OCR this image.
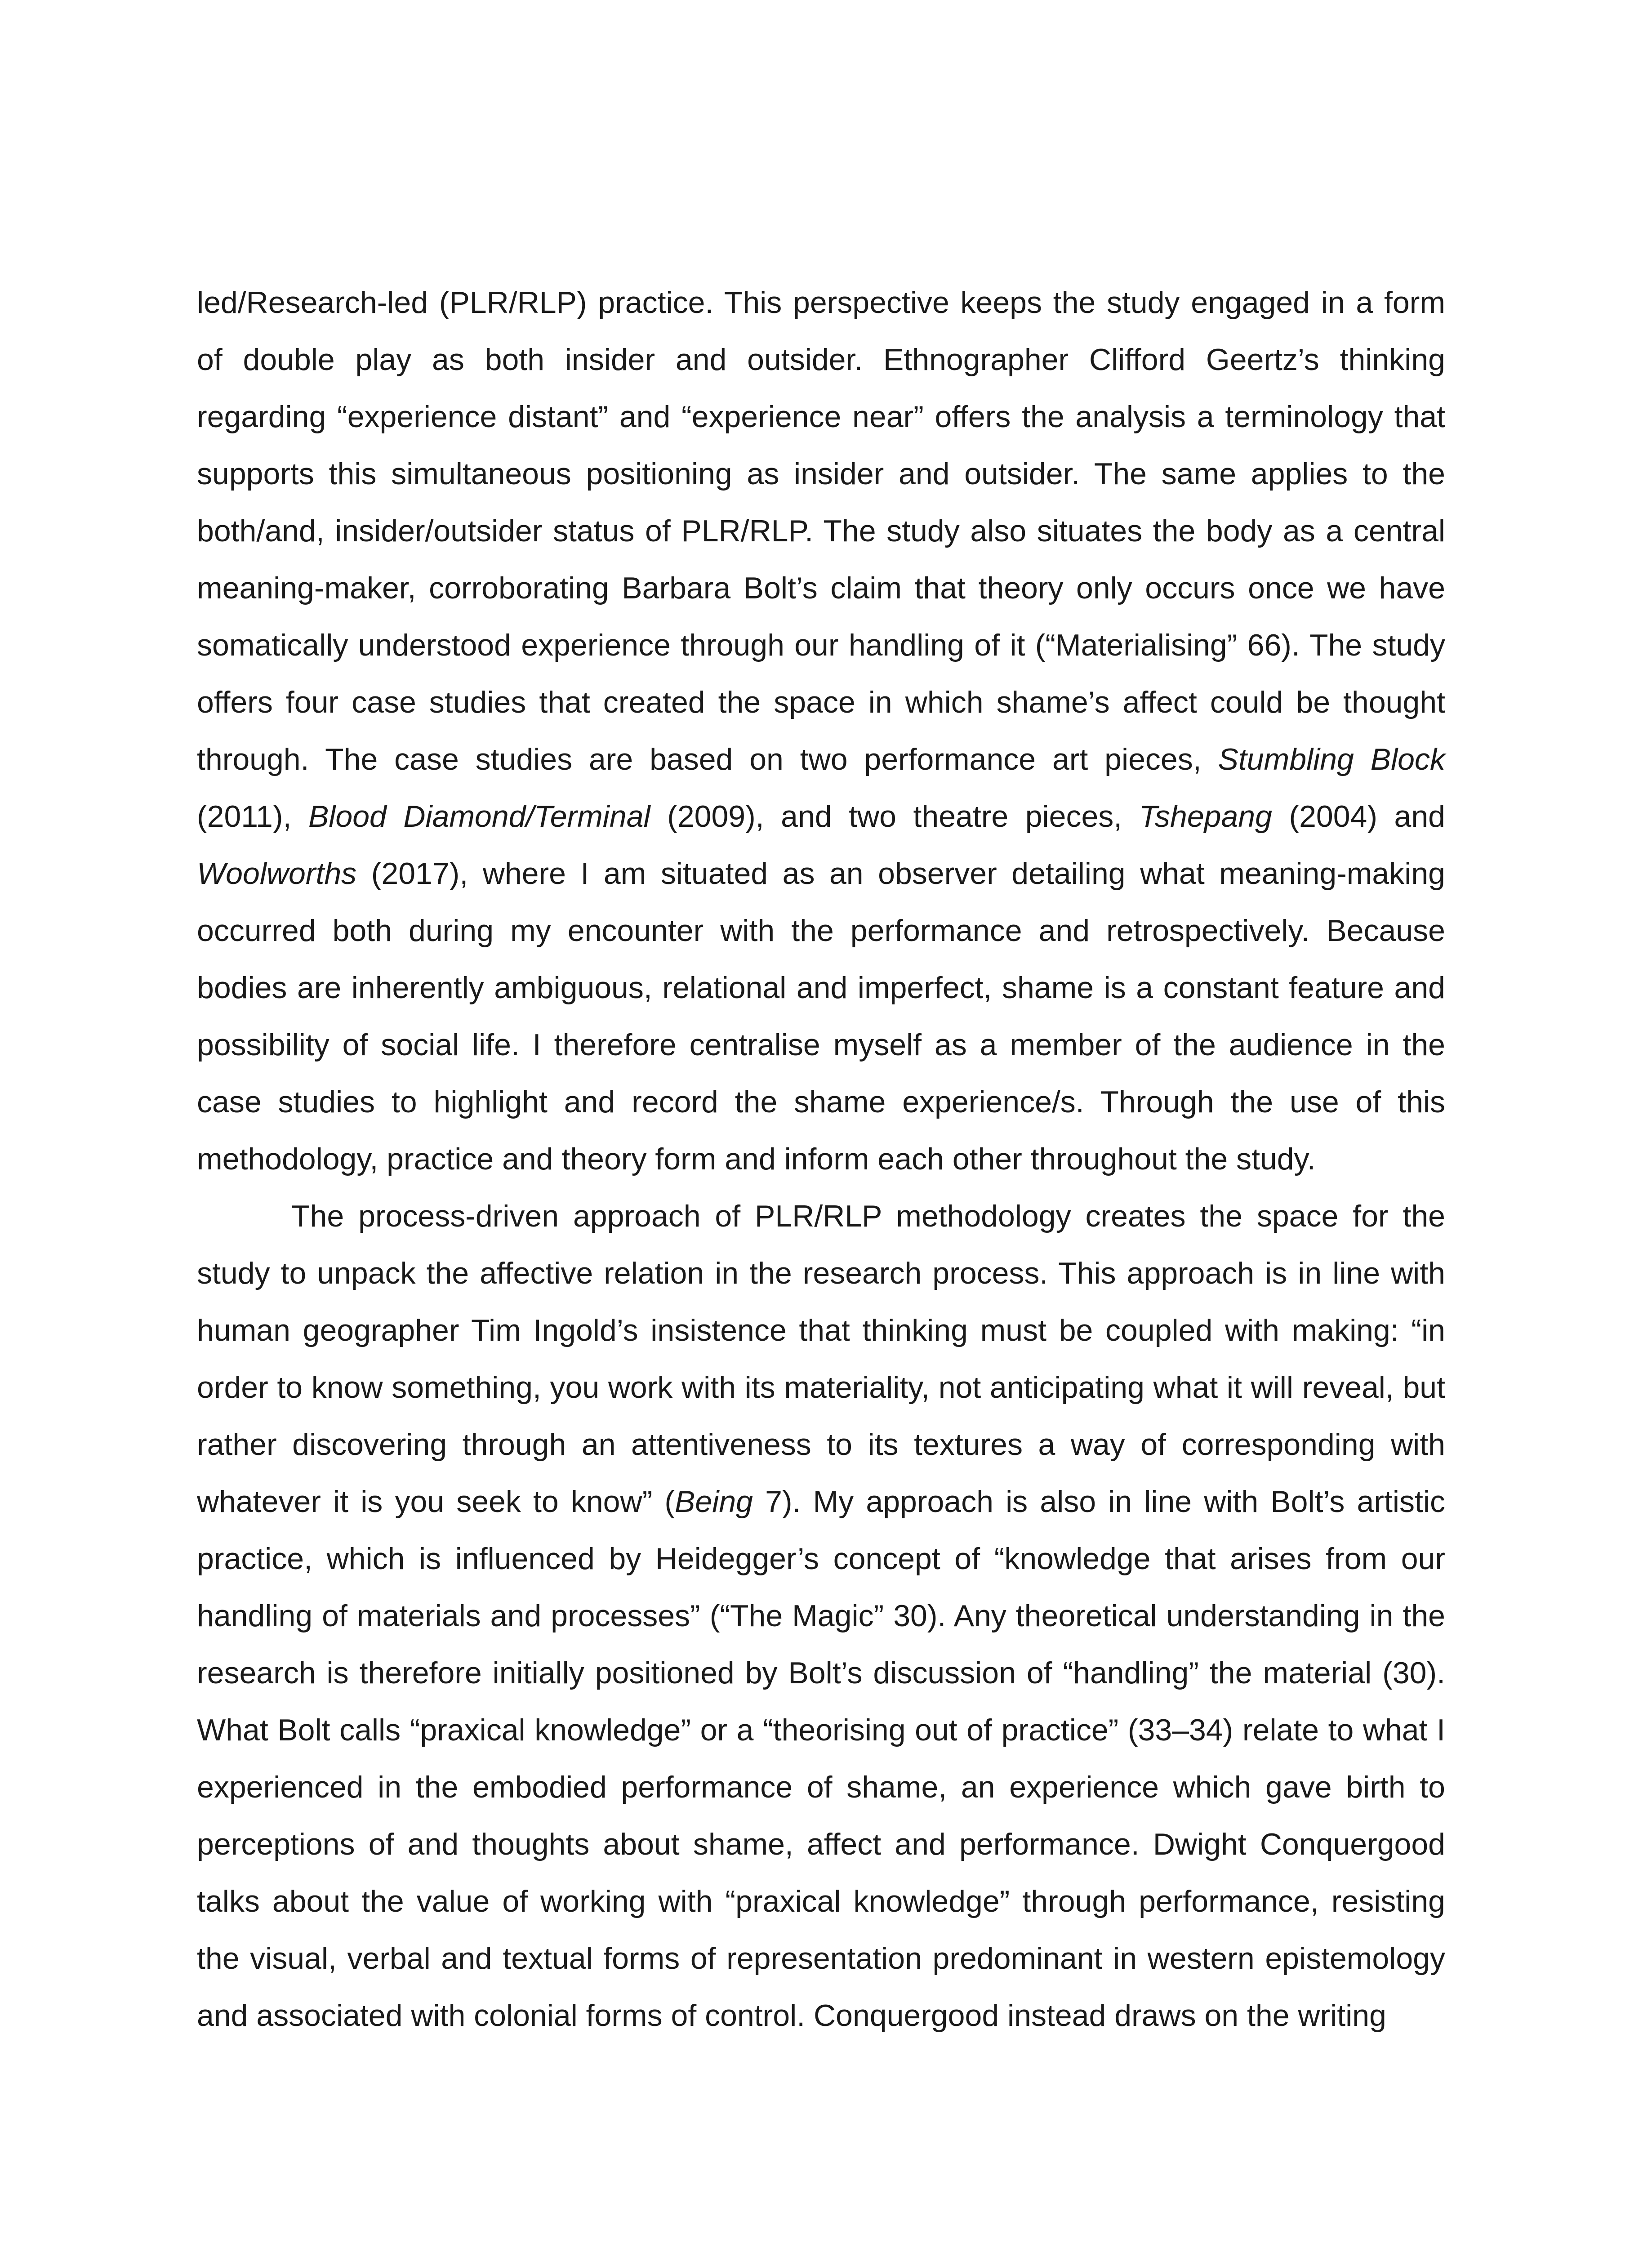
led/Research-led (PLR/RLP) practice. This perspective keeps the study engaged in a form of double play as both insider and outsider. Ethnographer Clifford Geertz’s thinking regarding “experience distant” and “experience near” offers the analysis a terminology that supports this simultaneous positioning as insider and outsider. The same applies to the both/and, insider/outsider status of PLR/RLP. The study also situates the body as a central meaning-maker, corroborating Barbara Bolt’s claim that theory only occurs once we have somatically understood experience through our handling of it (“Materialising” 66). The study offers four case studies that created the space in which shame’s affect could be thought through. The case studies are based on two performance art pieces, Stumbling Block (2011), Blood Diamond/Terminal (2009), and two theatre pieces, Tshepang (2004) and Woolworths (2017), where I am situated as an observer detailing what meaning-making occurred both during my encounter with the performance and retrospectively. Because bodies are inherently ambiguous, relational and imperfect, shame is a constant feature and possibility of social life. I therefore centralise myself as a member of the audience in the case studies to highlight and record the shame experience/s. Through the use of this methodology, practice and theory form and inform each other throughout the study.

The process-driven approach of PLR/RLP methodology creates the space for the study to unpack the affective relation in the research process. This approach is in line with human geographer Tim Ingold’s insistence that thinking must be coupled with making: “in order to know something, you work with its materiality, not anticipating what it will reveal, but rather discovering through an attentiveness to its textures a way of corresponding with whatever it is you seek to know” (Being 7). My approach is also in line with Bolt’s artistic practice, which is influenced by Heidegger’s concept of “knowledge that arises from our handling of materials and processes” (“The Magic” 30). Any theoretical understanding in the research is therefore initially positioned by Bolt’s discussion of “handling” the material (30). What Bolt calls “praxical knowledge” or a “theorising out of practice” (33–34) relate to what I experienced in the embodied performance of shame, an experience which gave birth to perceptions of and thoughts about shame, affect and performance. Dwight Conquergood talks about the value of working with “praxical knowledge” through performance, resisting the visual, verbal and textual forms of representation predominant in western epistemology and associated with colonial forms of control. Conquergood instead draws on the writing
